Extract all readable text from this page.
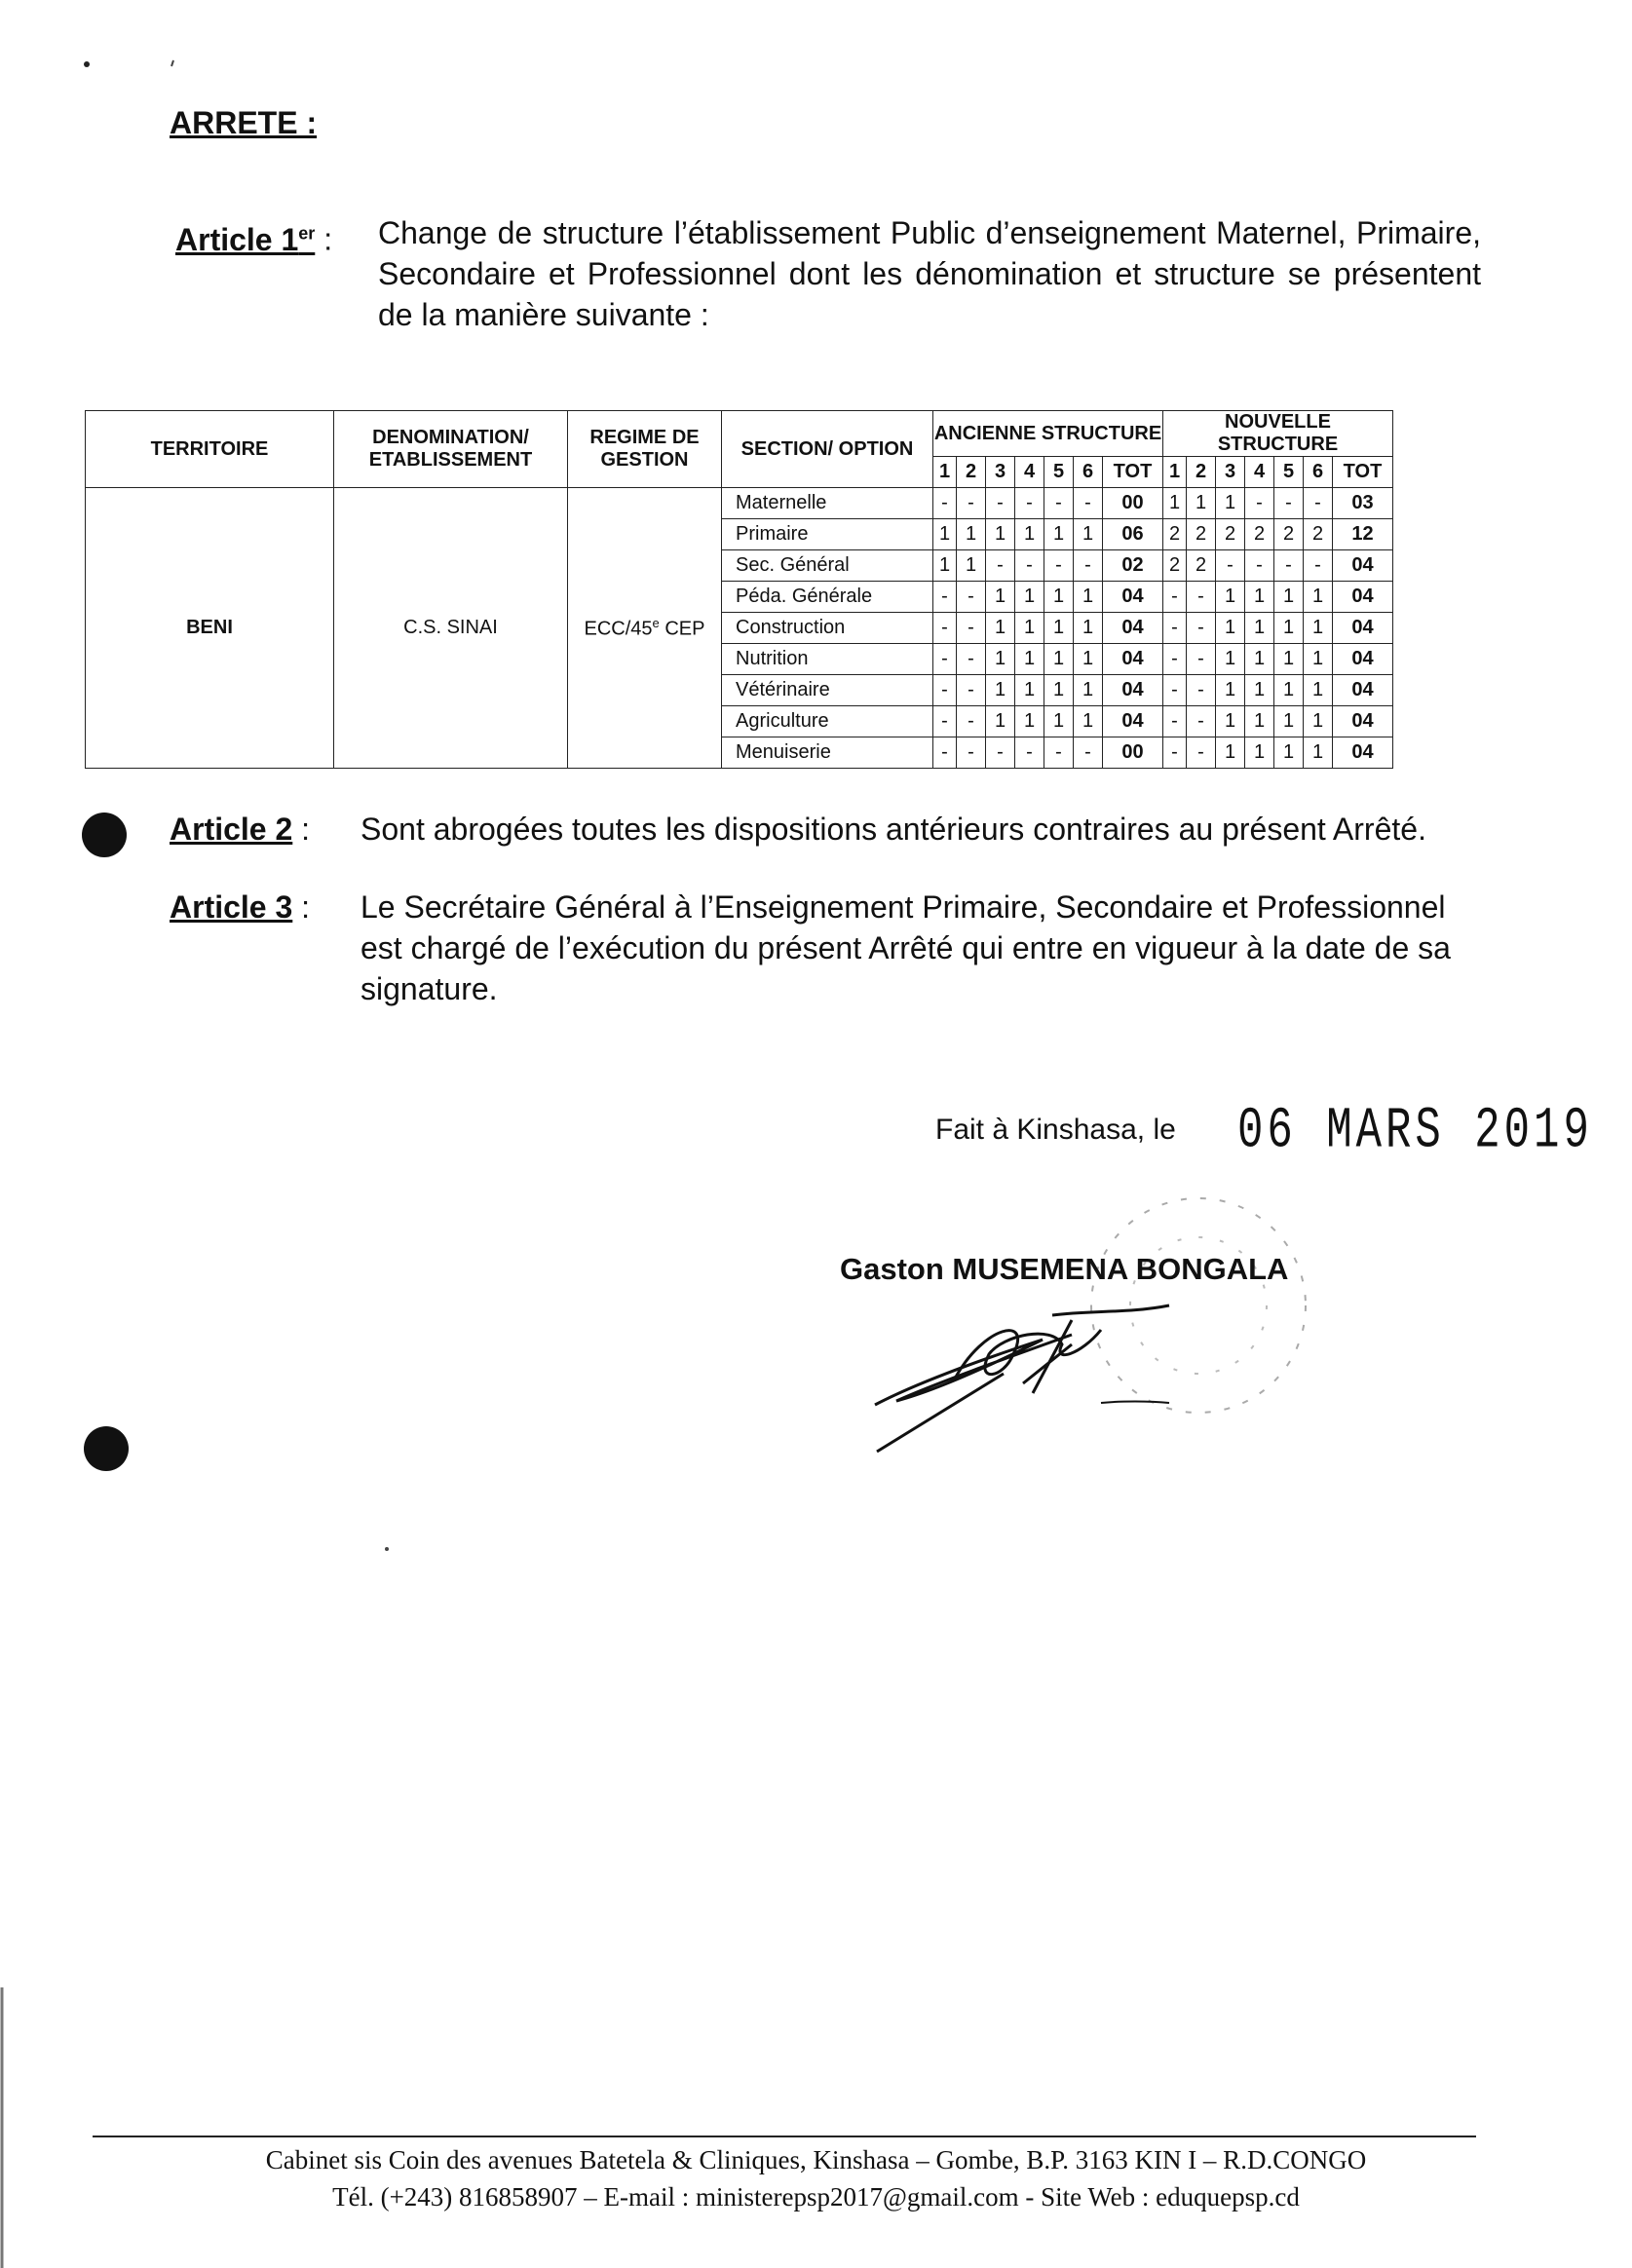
ARRETE :
Article 1er : Change de structure l’établissement Public d’enseignement Maternel, Primaire, Secondaire et Professionnel dont les dénomination et structure se présentent de la manière suivante :
TERRITOIRE	DENOMINATION/ ETABLISSEMENT	REGIME DE GESTION	SECTION/ OPTION	ANCIENNE STRUCTURE							NOUVELLE STRUCTURE						
				1	2	3	4	5	6	TOT	1	2	3	4	5	6	TOT
BENI	C.S. SINAI	ECC/45e CEP	Maternelle	-	-	-	-	-	-	00	1	1	1	-	-	-	03
			Primaire	1	1	1	1	1	1	06	2	2	2	2	2	2	12
			Sec. Général	1	1	-	-	-	-	02	2	2	-	-	-	-	04
			Péda. Générale	-	-	1	1	1	1	04	-	-	1	1	1	1	04
			Construction	-	-	1	1	1	1	04	-	-	1	1	1	1	04
			Nutrition	-	-	1	1	1	1	04	-	-	1	1	1	1	04
			Vétérinaire	-	-	1	1	1	1	04	-	-	1	1	1	1	04
			Agriculture	-	-	1	1	1	1	04	-	-	1	1	1	1	04
			Menuiserie	-	-	-	-	-	-	00	-	-	1	1	1	1	04
Article 2 : Sont abrogées toutes les dispositions antérieurs contraires au présent Arrêté.
Article 3 : Le Secrétaire Général à l’Enseignement Primaire, Secondaire et Professionnel est chargé de l’exécution du présent Arrêté qui entre en vigueur à la date de sa signature.
Fait à Kinshasa, le 06 MARS 2019
Gaston MUSEMENA BONGALA
Cabinet sis Coin des avenues Batetela & Cliniques, Kinshasa – Gombe, B.P. 3163 KIN I – R.D.CONGO
Tél. (+243) 816858907 – E-mail : ministerepsp2017@gmail.com - Site Web : eduquepsp.cd
